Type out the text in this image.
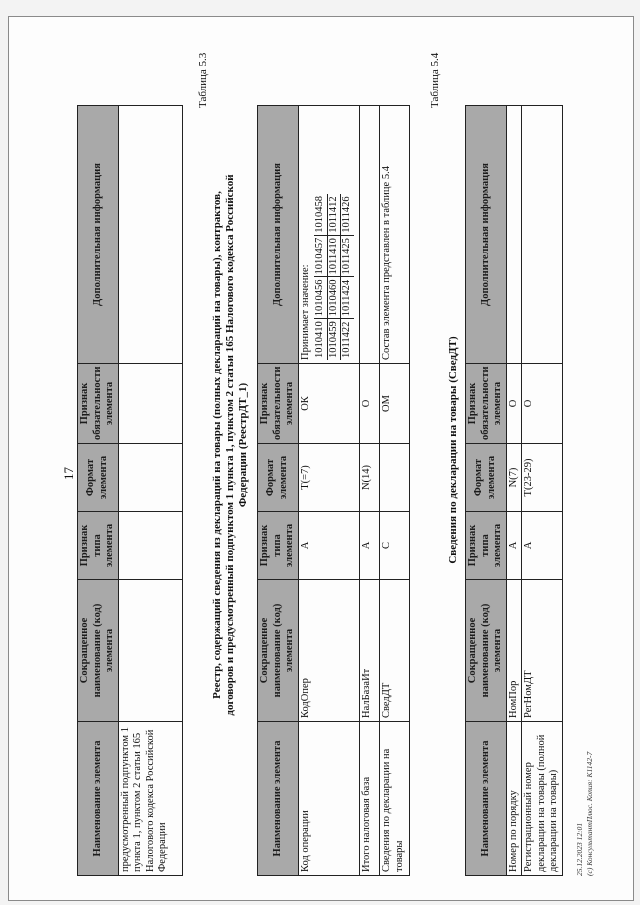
17
Наименование элемента	Сокращенное наименование (код) элемента	Признак типа элемента	Формат элемента	Признак обязательности элемента	Дополнительная информация
предусмотренный подпунктом 1 пункта 1, пунктом 2 статьи 165 Налогового кодекса Российской Федерации					
Таблица 5.3
Реестр, содержащий сведения из деклараций на товары (полных деклараций на товары), контрактов, договоров и предусмотренный подпунктом 1 пункта 1, пунктом 2 статьи 165 Налогового кодекса Российской Федерации (РеестрДТ_1)
Наименование элемента	Сокращенное наименование (код) элемента	Признак типа элемента	Формат элемента	Признак обязательности элемента	Дополнительная информация
Код операции	КодОпер	А	T(=7)	ОК	
Принимает значение: 1010410	1010456	1010457	1010458
1010459	1010460	1011410	1011412
1011422	1011424	1011425	1011426
Итого налоговая база	НалБазаИт	А	N(14)	О	
Сведения по декларации на товары	СведДТ	С		ОМ	Состав элемента представлен в таблице 5.4
Таблица 5.4
Сведения по декларации на товары (СведДТ)
Наименование элемента	Сокращенное наименование (код) элемента	Признак типа элемента	Формат элемента	Признак обязательности элемента	Дополнительная информация
Номер по порядку	НомПор	А	N(7)	О	
Регистрационный номер декларации на товары (полной декларации на товары)	РегНомДТ	А	T(23-29)	О	
25.12.2023 12:01 (c) КонсультантПлюс. Копия: K1142-7
